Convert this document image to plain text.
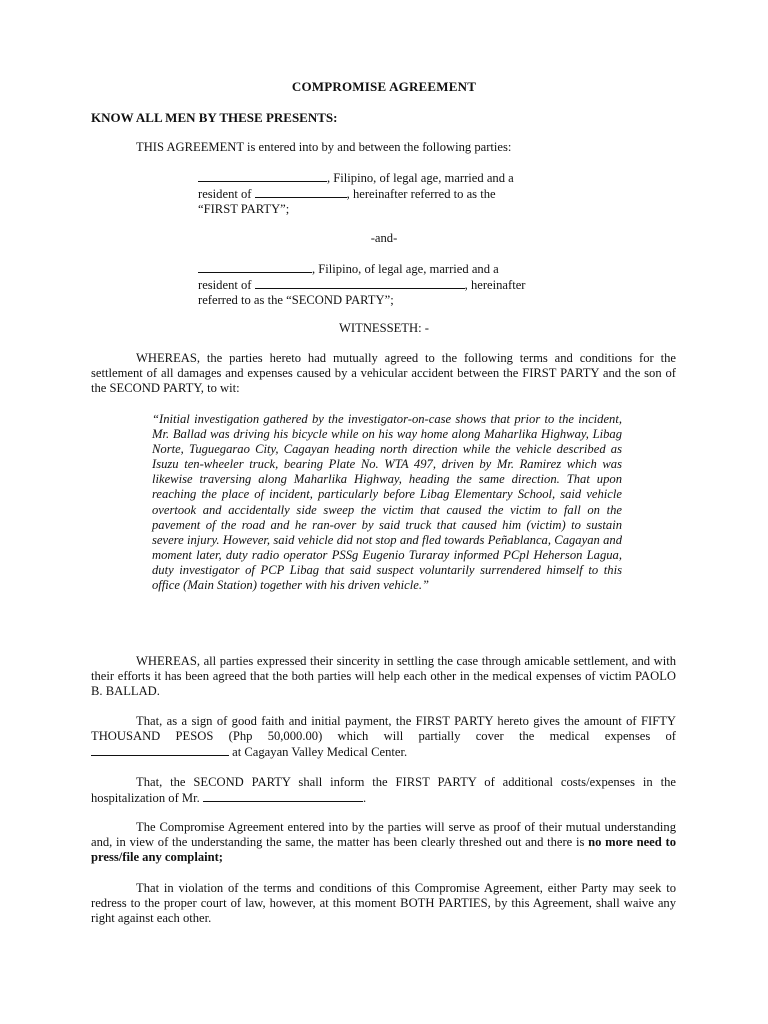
COMPROMISE AGREEMENT
KNOW ALL MEN BY THESE PRESENTS:
THIS AGREEMENT is entered into by and between the following parties:
, Filipino, of legal age, married and a
resident of	, hereinafter referred to as the
“FIRST PARTY”;
-and-
, Filipino, of legal age, married and a
resident of	, hereinafter
referred to as the “SECOND PARTY”;
WITNESSETH: -
WHEREAS, the parties hereto had mutually agreed to the following terms and conditions for the settlement of all damages and expenses caused by a vehicular accident between the FIRST PARTY and the son of the SECOND PARTY, to wit:
“Initial investigation gathered by the investigator-on-case shows that prior to the incident, Mr. Ballad was driving his bicycle while on his way home along Maharlika Highway, Libag Norte, Tuguegarao City, Cagayan heading north direction while the vehicle described as Isuzu ten-wheeler truck, bearing Plate No. WTA 497, driven by Mr. Ramirez which was likewise traversing along Maharlika Highway, heading the same direction. That upon reaching the place of incident, particularly before Libag Elementary School, said vehicle overtook and accidentally side sweep the victim that caused the victim to fall on the pavement of the road and he ran-over by said truck that caused him (victim) to sustain severe injury. However, said vehicle did not stop and fled towards Peñablanca, Cagayan and moment later, duty radio operator PSSg Eugenio Turaray informed PCpl Heherson Lagua, duty investigator of PCP Libag that said suspect voluntarily surrendered himself to this office (Main Station) together with his driven vehicle.”
WHEREAS, all parties expressed their sincerity in settling the case through amicable settlement, and with their efforts it has been agreed that the both parties will help each other in the medical expenses of victim PAOLO B. BALLAD.
That, as a sign of good faith and initial payment, the FIRST PARTY hereto gives the amount of FIFTY THOUSAND PESOS (Php 50,000.00) which will partially cover the medical expenses of  at Cagayan Valley Medical Center.
That, the SECOND PARTY shall inform the FIRST PARTY of additional costs/expenses in the hospitalization of Mr.	.
The Compromise Agreement entered into by the parties will serve as proof of their mutual understanding and, in view of the understanding the same, the matter has been clearly threshed out and there is no more need to press/file any complaint;
That in violation of the terms and conditions of this Compromise Agreement, either Party may seek to redress to the proper court of law, however, at this moment BOTH PARTIES, by this Agreement, shall waive any right against each other.
